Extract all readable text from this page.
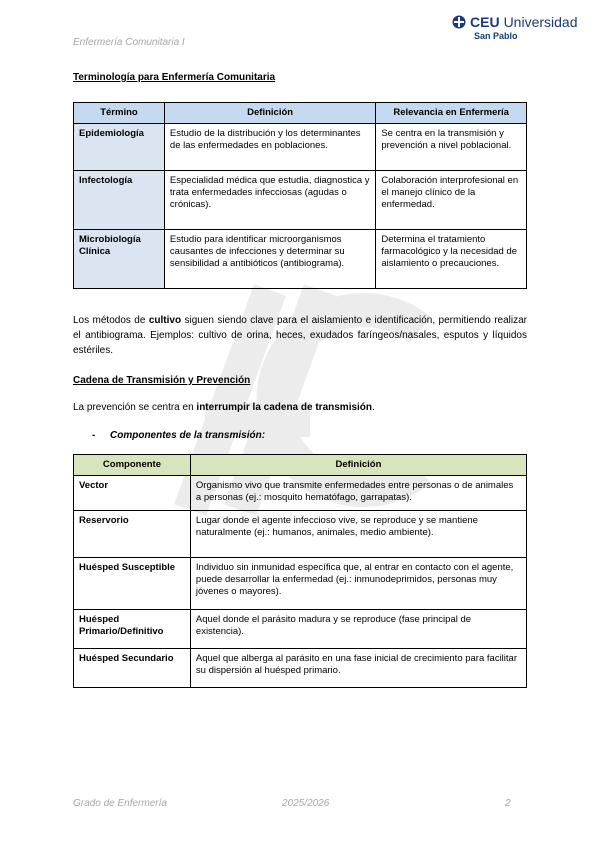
Enfermería Comunitaria I
CEU Universidad
San Pablo
Terminología para Enfermería Comunitaria
Término	Definición	Relevancia en Enfermería
Epidemiología	Estudio de la distribución y los determinantes de las enfermedades en poblaciones.	Se centra en la transmisión y prevención a nivel poblacional.
Infectología	Especialidad médica que estudia, diagnostica y trata enfermedades infecciosas (agudas o crónicas).	Colaboración interprofesional en el manejo clínico de la enfermedad.
Microbiología Clínica	Estudio para identificar microorganismos causantes de infecciones y determinar su sensibilidad a antibióticos (antibiograma).	Determina el tratamiento farmacológico y la necesidad de aislamiento o precauciones.
Los métodos de cultivo siguen siendo clave para el aislamiento e identificación, permitiendo realizar el antibiograma. Ejemplos: cultivo de orina, heces, exudados faríngeos/nasales, esputos y líquidos estériles.
Cadena de Transmisión y Prevención
La prevención se centra en interrumpir la cadena de transmisión.
- Componentes de la transmisión:
Componente	Definición
Vector	Organismo vivo que transmite enfermedades entre personas o de animales a personas (ej.: mosquito hematófago, garrapatas).
Reservorio	Lugar donde el agente infeccioso vive, se reproduce y se mantiene naturalmente (ej.: humanos, animales, medio ambiente).
Huésped Susceptible	Individuo sin inmunidad específica que, al entrar en contacto con el agente, puede desarrollar la enfermedad (ej.: inmunodeprimidos, personas muy jóvenes o mayores).
Huésped Primario/Definitivo	Aquel donde el parásito madura y se reproduce (fase principal de existencia).
Huésped Secundario	Aquel que alberga al parásito en una fase inicial de crecimiento para facilitar su dispersión al huésped primario.
Grado de Enfermería	2025/2026	2
